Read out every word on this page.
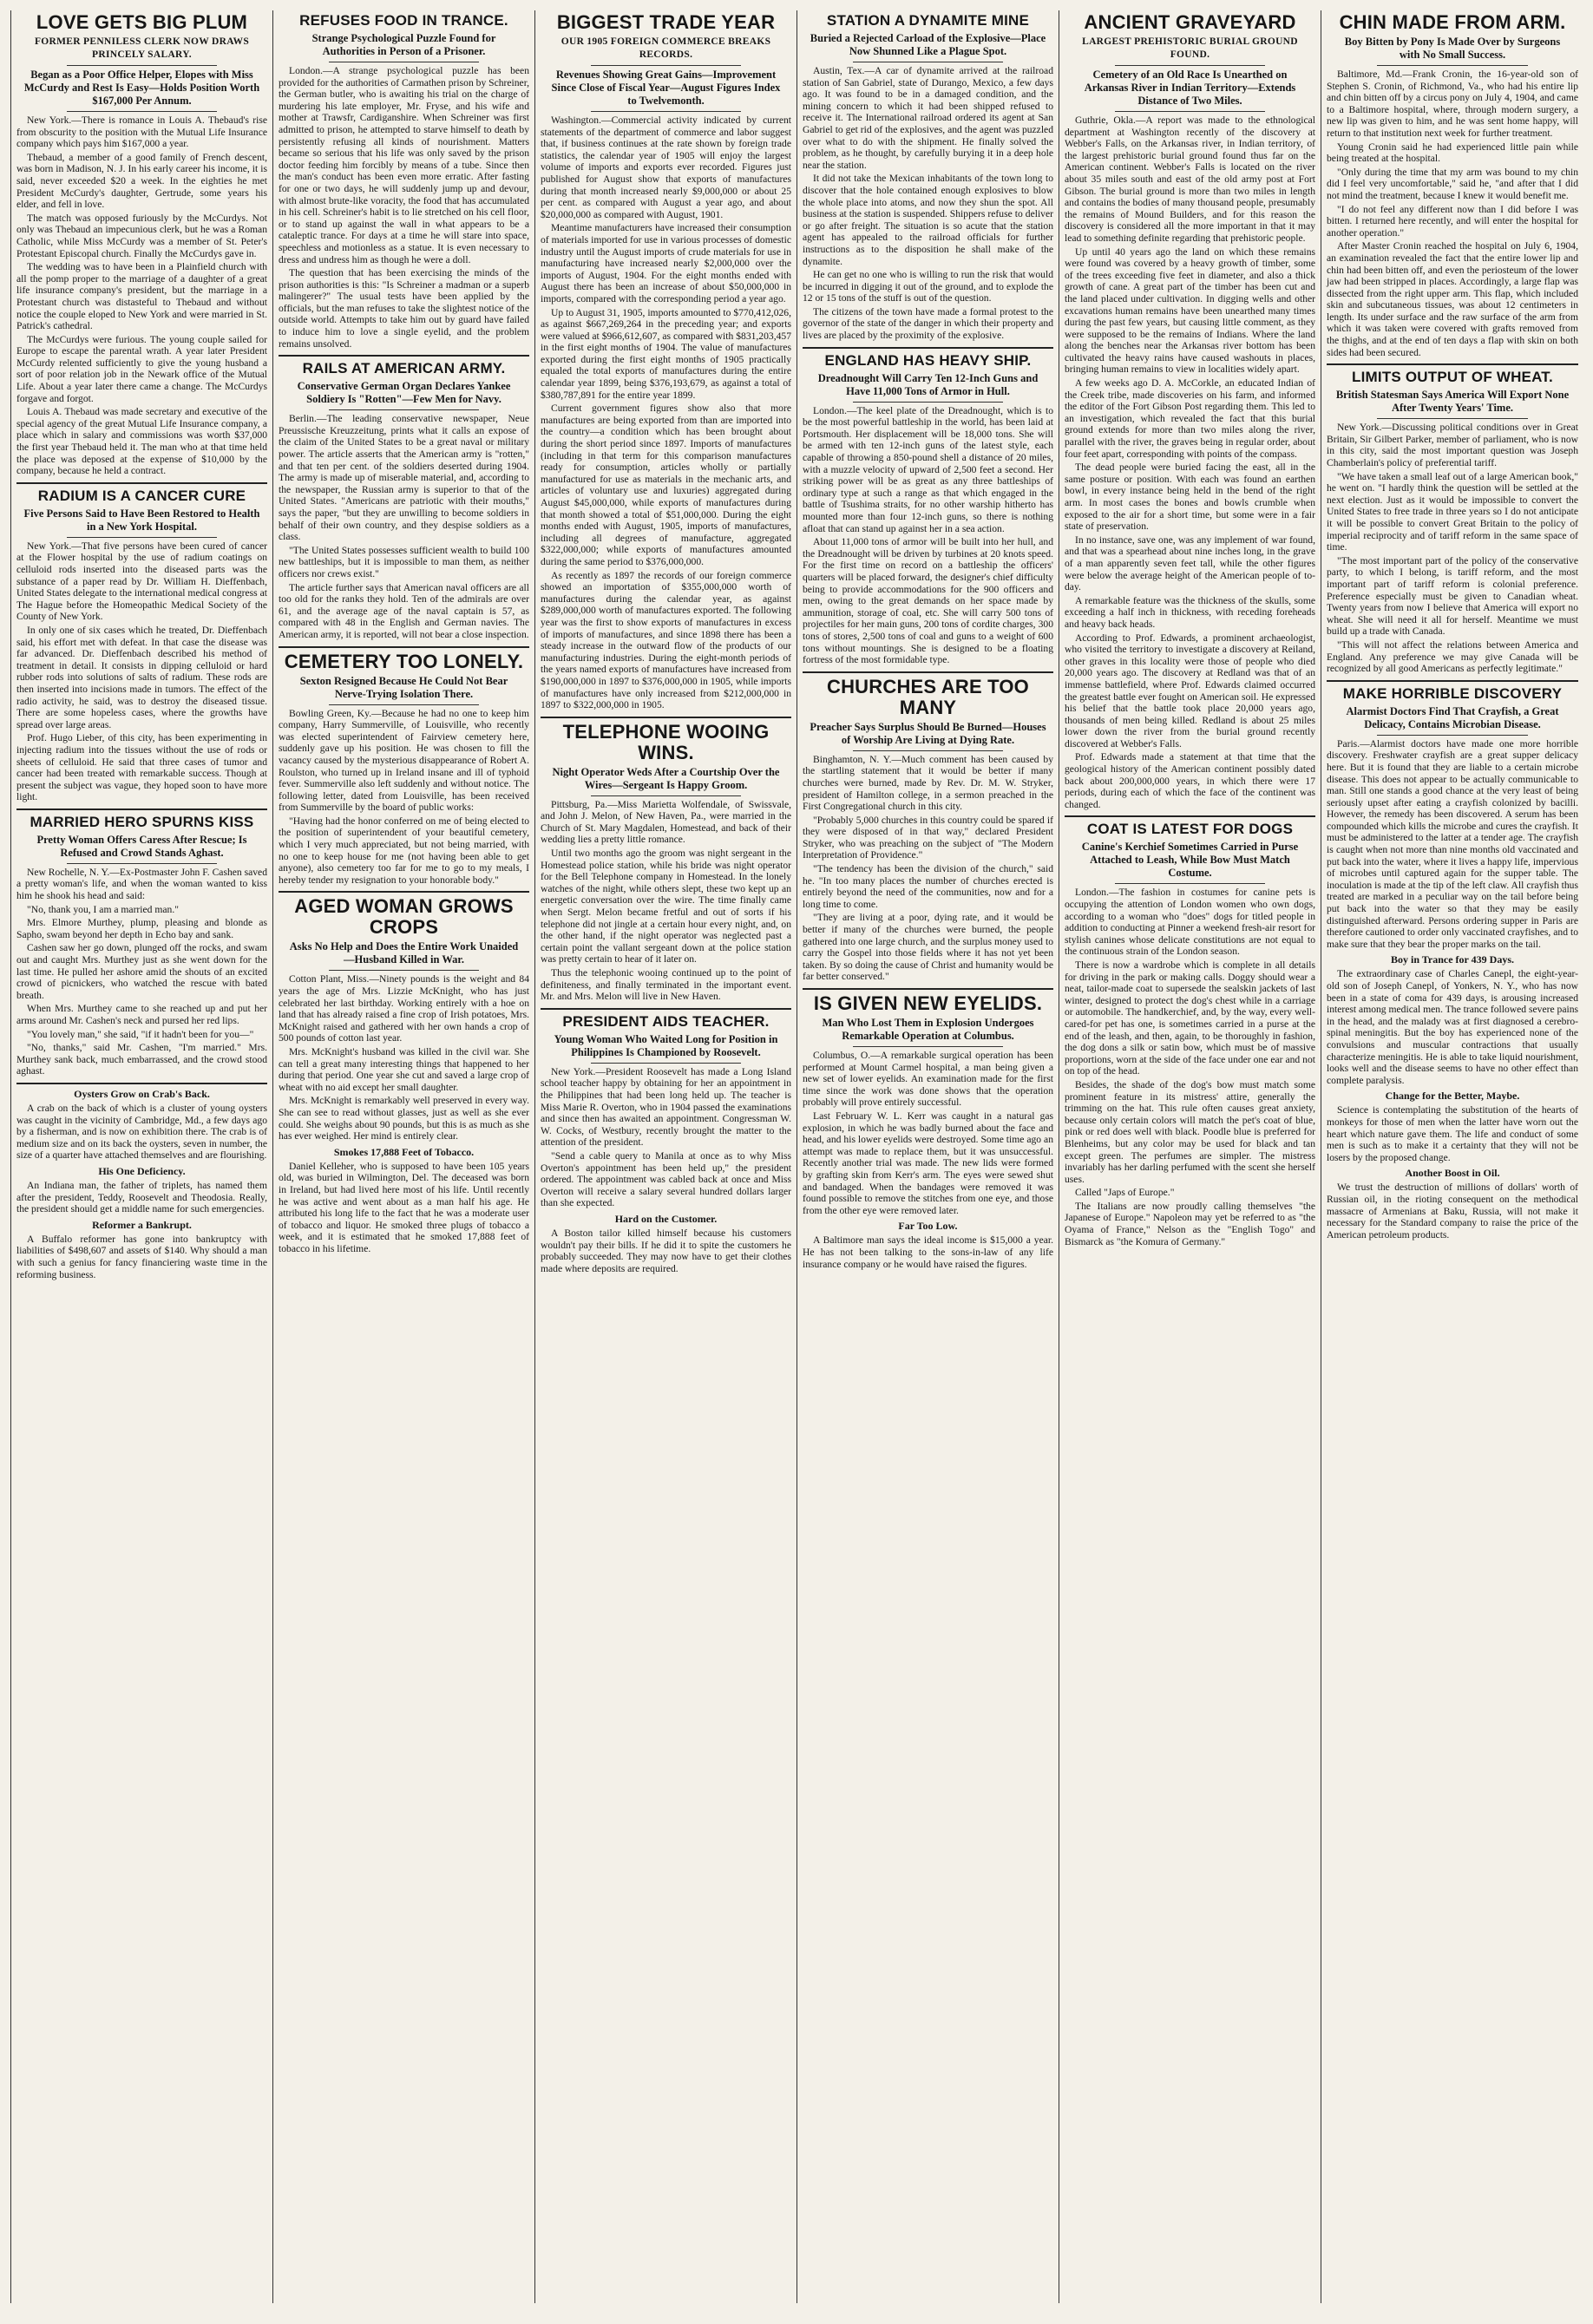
LOVE GETS BIG PLUM
FORMER PENNILESS CLERK NOW DRAWS PRINCELY SALARY.
Began as a Poor Office Helper, Elopes with Miss McCurdy and Rest Is Easy—Holds Position Worth $167,000 Per Annum.

New York.—There is romance in Louis A. Thebaud's rise from obscurity to the position with the Mutual Life Insurance company which pays him $167,000 a year.

Thebaud, a member of a good family of French descent, was born in Madison, N. J. In his early career his income, it is said, never exceeded $20 a week. In the eighties he met President McCurdy's daughter, Gertrude, some years his elder, and fell in love.

The match was opposed furiously by the McCurdys. Not only was Thebaud an impecunious clerk, but he was a Roman Catholic, while Miss McCurdy was a member of St. Peter's Protestant Episcopal church. Finally the McCurdys gave in.

The wedding was to have been in a Plainfield church with all the pomp proper to the marriage of a daughter of a great life insurance company's president, but the marriage in a Protestant church was distasteful to Thebaud and without notice the couple eloped to New York and were married in St. Patrick's cathedral.

The McCurdys were furious. The young couple sailed for Europe to escape the parental wrath. A year later President McCurdy relented sufficiently to give the young husband a sort of poor relation job in the Newark office of the Mutual Life. About a year later there came a change. The McCurdys forgave and forgot.

Louis A. Thebaud was made secretary and executive of the special agency of the great Mutual Life Insurance company, a place which in salary and commissions was worth $37,000 the first year Thebaud held it. The man who at that time held the place was deposed at the expense of $10,000 by the company, because he held a contract.

RADIUM IS A CANCER CURE
Five Persons Said to Have Been Restored to Health in a New York Hospital.

New York.—That five persons have been cured of cancer at the Flower hospital by the use of radium coatings on celluloid rods inserted into the diseased parts was the substance of a paper read by Dr. William H. Dieffenbach, United States delegate to the international medical congress at The Hague before the Homeopathic Medical Society of the County of New York.

In only one of six cases which he treated, Dr. Dieffenbach said, his effort met with defeat. In that case the disease was far advanced. Dr. Dieffenbach described his method of treatment in detail. It consists in dipping celluloid or hard rubber rods into solutions of salts of radium. These rods are then inserted into incisions made in tumors. The effect of the radio activity, he said, was to destroy the diseased tissue. There are some hopeless cases, where the growths have spread over large areas.

Prof. Hugo Lieber, of this city, has been experimenting in injecting radium into the tissues without the use of rods or sheets of celluloid. He said that three cases of tumor and cancer had been treated with remarkable success. Though at present the subject was vague, they hoped soon to have more light.

MARRIED HERO SPURNS KISS
Pretty Woman Offers Caress After Rescue; Is Refused and Crowd Stands Aghast.

New Rochelle, N. Y.—Ex-Postmaster John F. Cashen saved a pretty woman's life, and when the woman wanted to kiss him he shook his head and said:

"No, thank you, I am a married man."

Mrs. Elmore Murthey, plump, pleasing and blonde as Sapho, swam beyond her depth in Echo bay and sank.

Cashen saw her go down, plunged off the rocks, and swam out and caught Mrs. Murthey just as she went down for the last time. He pulled her ashore amid the shouts of an excited crowd of picnickers, who watched the rescue with bated breath.

When Mrs. Murthey came to she reached up and put her arms around Mr. Cashen's neck and pursed her red lips.

"You lovely man," she said, "if it hadn't been for you—"

"No, thanks," said Mr. Cashen, "I'm married." Mrs. Murthey sank back, much embarrassed, and the crowd stood aghast.

Oysters Grow on Crab's Back.

A crab on the back of which is a cluster of young oysters was caught in the vicinity of Cambridge, Md., a few days ago by a fisherman, and is now on exhibition there. The crab is of medium size and on its back the oysters, seven in number, the size of a quarter have attached themselves and are flourishing.

His One Deficiency.

An Indiana man, the father of triplets, has named them after the president, Teddy, Roosevelt and Theodosia. Really, the president should get a middle name for such emergencies.

Reformer a Bankrupt.

A Buffalo reformer has gone into bankruptcy with liabilities of $498,607 and assets of $140. Why should a man with such a genius for fancy financiering waste time in the reforming business.

REFUSES FOOD IN TRANCE.
Strange Psychological Puzzle Found for Authorities in Person of a Prisoner.

London.—A strange psychological puzzle has been provided for the authorities of Carmathen prison by Schreiner, the German butler, who is awaiting his trial on the charge of murdering his late employer, Mr. Fryse, and his wife and mother at Trawsfr, Cardiganshire. When Schreiner was first admitted to prison, he attempted to starve himself to death by persistently refusing all kinds of nourishment. Matters became so serious that his life was only saved by the prison doctor feeding him forcibly by means of a tube. Since then the man's conduct has been even more erratic. After fasting for one or two days, he will suddenly jump up and devour, with almost brute-like voracity, the food that has accumulated in his cell. Schreiner's habit is to lie stretched on his cell floor, or to stand up against the wall in what appears to be a cataleptic trance. For days at a time he will stare into space, speechless and motionless as a statue. It is even necessary to dress and undress him as though he were a doll.

The question that has been exercising the minds of the prison authorities is this: "Is Schreiner a madman or a superb malingerer?" The usual tests have been applied by the officials, but the man refuses to take the slightest notice of the outside world. Attempts to take him out by guard have failed to induce him to love a single eyelid, and the problem remains unsolved.

RAILS AT AMERICAN ARMY.
Conservative German Organ Declares Yankee Soldiery Is "Rotten"—Few Men for Navy.

Berlin.—The leading conservative newspaper, Neue Preussische Kreuzzeitung, prints what it calls an expose of the claim of the United States to be a great naval or military power. The article asserts that the American army is "rotten," and that ten per cent. of the soldiers deserted during 1904. The army is made up of miserable material, and, according to the newspaper, the Russian army is superior to that of the United States. "Americans are patriotic with their mouths," says the paper, "but they are unwilling to become soldiers in behalf of their own country, and they despise soldiers as a class.

"The United States possesses sufficient wealth to build 100 new battleships, but it is impossible to man them, as neither officers nor crews exist."

The article further says that American naval officers are all too old for the ranks they hold. Ten of the admirals are over 61, and the average age of the naval captain is 57, as compared with 48 in the English and German navies. The American army, it is reported, will not bear a close inspection.

CEMETERY TOO LONELY.
Sexton Resigned Because He Could Not Bear Nerve-Trying Isolation There.

Bowling Green, Ky.—Because he had no one to keep him company, Harry Summerville, of Louisville, who recently was elected superintendent of Fairview cemetery here, suddenly gave up his position. He was chosen to fill the vacancy caused by the mysterious disappearance of Robert A. Roulston, who turned up in Ireland insane and ill of typhoid fever. Summerville also left suddenly and without notice. The following letter, dated from Louisville, has been received from Summerville by the board of public works:

"Having had the honor conferred on me of being elected to the position of superintendent of your beautiful cemetery, which I very much appreciated, but not being married, with no one to keep house for me (not having been able to get anyone), also cemetery too far for me to go to my meals, I hereby tender my resignation to your honorable body."

AGED WOMAN GROWS CROPS
Asks No Help and Does the Entire Work Unaided—Husband Killed in War.

Cotton Plant, Miss.—Ninety pounds is the weight and 84 years the age of Mrs. Lizzie McKnight, who has just celebrated her last birthday. Working entirely with a hoe on land that has already raised a fine crop of Irish potatoes, Mrs. McKnight raised and gathered with her own hands a crop of 500 pounds of cotton last year.

Mrs. McKnight's husband was killed in the civil war. She can tell a great many interesting things that happened to her during that period. One year she cut and saved a large crop of wheat with no aid except her small daughter.

Mrs. McKnight is remarkably well preserved in every way. She can see to read without glasses, just as well as she ever could. She weighs about 90 pounds, but this is as much as she has ever weighed. Her mind is entirely clear.

Smokes 17,888 Feet of Tobacco.

Daniel Kelleher, who is supposed to have been 105 years old, was buried in Wilmington, Del. The deceased was born in Ireland, but had lived here most of his life. Until recently he was active and went about as a man half his age. He attributed his long life to the fact that he was a moderate user of tobacco and liquor. He smoked three plugs of tobacco a week, and it is estimated that he smoked 17,888 feet of tobacco in his lifetime.

BIGGEST TRADE YEAR
OUR 1905 FOREIGN COMMERCE BREAKS RECORDS.
Revenues Showing Great Gains—Improvement Since Close of Fiscal Year—August Figures Index to Twelvemonth.

Washington.—Commercial activity indicated by current statements of the department of commerce and labor suggest that, if business continues at the rate shown by foreign trade statistics, the calendar year of 1905 will enjoy the largest volume of imports and exports ever recorded. Figures just published for August show that exports of manufactures during that month increased nearly $9,000,000 or about 25 per cent. as compared with August a year ago, and about $20,000,000 as compared with August, 1901.

Meantime manufacturers have increased their consumption of materials imported for use in various processes of domestic industry until the August imports of crude materials for use in manufacturing have increased nearly $2,000,000 over the imports of August, 1904. For the eight months ended with August there has been an increase of about $50,000,000 in imports, compared with the corresponding period a year ago.

Up to August 31, 1905, imports amounted to $770,412,026, as against $667,269,264 in the preceding year; and exports were valued at $966,612,607, as compared with $831,203,457 in the first eight months of 1904. The value of manufactures exported during the first eight months of 1905 practically equaled the total exports of manufactures during the entire calendar year 1899, being $376,193,679, as against a total of $380,787,891 for the entire year 1899.

Current government figures show also that more manufactures are being exported from than are imported into the country—a condition which has been brought about during the short period since 1897. Imports of manufactures (including in that term for this comparison manufactures ready for consumption, articles wholly or partially manufactured for use as materials in the mechanic arts, and articles of voluntary use and luxuries) aggregated during August $45,000,000, while exports of manufactures during that month showed a total of $51,000,000. During the eight months ended with August, 1905, imports of manufactures, including all degrees of manufacture, aggregated $322,000,000; while exports of manufactures amounted during the same period to $376,000,000.

As recently as 1897 the records of our foreign commerce showed an importation of $355,000,000 worth of manufactures during the calendar year, as against $289,000,000 worth of manufactures exported. The following year was the first to show exports of manufactures in excess of imports of manufactures, and since 1898 there has been a steady increase in the outward flow of the products of our manufacturing industries. During the eight-month periods of the years named exports of manufactures have increased from $190,000,000 in 1897 to $376,000,000 in 1905, while imports of manufactures have only increased from $212,000,000 in 1897 to $322,000,000 in 1905.

TELEPHONE WOOING WINS.
Night Operator Weds After a Courtship Over the Wires—Sergeant Is Happy Groom.

Pittsburg, Pa.—Miss Marietta Wolfendale, of Swissvale, and John J. Melon, of New Haven, Pa., were married in the Church of St. Mary Magdalen, Homestead, and back of their wedding lies a pretty little romance.

Until two months ago the groom was night sergeant in the Homestead police station, while his bride was night operator for the Bell Telephone company in Homestead. In the lonely watches of the night, while others slept, these two kept up an energetic conversation over the wire. The time finally came when Sergt. Melon became fretful and out of sorts if his telephone did not jingle at a certain hour every night, and, on the other hand, if the night operator was neglected past a certain point the vallant sergeant down at the police station was pretty certain to hear of it later on.

Thus the telephonic wooing continued up to the point of definiteness, and finally terminated in the important event. Mr. and Mrs. Melon will live in New Haven.

PRESIDENT AIDS TEACHER.
Young Woman Who Waited Long for Position in Philippines Is Championed by Roosevelt.

New York.—President Roosevelt has made a Long Island school teacher happy by obtaining for her an appointment in the Philippines that had been long held up. The teacher is Miss Marie R. Overton, who in 1904 passed the examinations and since then has awaited an appointment. Congressman W. W. Cocks, of Westbury, recently brought the matter to the attention of the president.

"Send a cable query to Manila at once as to why Miss Overton's appointment has been held up," the president ordered. The appointment was cabled back at once and Miss Overton will receive a salary several hundred dollars larger than she expected.

Hard on the Customer.

A Boston tailor killed himself because his customers wouldn't pay their bills. If he did it to spite the customers he probably succeeded. They may now have to get their clothes made where deposits are required.

STATION A DYNAMITE MINE
Buried a Rejected Carload of the Explosive—Place Now Shunned Like a Plague Spot.

Austin, Tex.—A car of dynamite arrived at the railroad station of San Gabriel, state of Durango, Mexico, a few days ago. It was found to be in a damaged condition, and the mining concern to which it had been shipped refused to receive it. The International railroad ordered its agent at San Gabriel to get rid of the explosives, and the agent was puzzled over what to do with the shipment. He finally solved the problem, as he thought, by carefully burying it in a deep hole near the station.

It did not take the Mexican inhabitants of the town long to discover that the hole contained enough explosives to blow the whole place into atoms, and now they shun the spot. All business at the station is suspended. Shippers refuse to deliver or go after freight. The situation is so acute that the station agent has appealed to the railroad officials for further instructions as to the disposition he shall make of the dynamite.

He can get no one who is willing to run the risk that would be incurred in digging it out of the ground, and to explode the 12 or 15 tons of the stuff is out of the question.

The citizens of the town have made a formal protest to the governor of the state of the danger in which their property and lives are placed by the proximity of the explosive.

ENGLAND HAS HEAVY SHIP.
Dreadnought Will Carry Ten 12-Inch Guns and Have 11,000 Tons of Armor in Hull.

London.—The keel plate of the Dreadnought, which is to be the most powerful battleship in the world, has been laid at Portsmouth. Her displacement will be 18,000 tons. She will be armed with ten 12-inch guns of the latest style, each capable of throwing a 850-pound shell a distance of 20 miles, with a muzzle velocity of upward of 2,500 feet a second. Her striking power will be as great as any three battleships of ordinary type at such a range as that which engaged in the battle of Tsushima straits, for no other warship hitherto has mounted more than four 12-inch guns, so there is nothing afloat that can stand up against her in a sea action.

About 11,000 tons of armor will be built into her hull, and the Dreadnought will be driven by turbines at 20 knots speed. For the first time on record on a battleship the officers' quarters will be placed forward, the designer's chief difficulty being to provide accommodations for the 900 officers and men, owing to the great demands on her space made by ammunition, storage of coal, etc. She will carry 500 tons of projectiles for her main guns, 200 tons of cordite charges, 300 tons of stores, 2,500 tons of coal and guns to a weight of 600 tons without mountings. She is designed to be a floating fortress of the most formidable type.

CHURCHES ARE TOO MANY
Preacher Says Surplus Should Be Burned—Houses of Worship Are Living at Dying Rate.

Binghamton, N. Y.—Much comment has been caused by the startling statement that it would be better if many churches were burned, made by Rev. Dr. M. W. Stryker, president of Hamilton college, in a sermon preached in the First Congregational church in this city.

"Probably 5,000 churches in this country could be spared if they were disposed of in that way," declared President Stryker, who was preaching on the subject of "The Modern Interpretation of Providence."

"The tendency has been the division of the church," said he. "In too many places the number of churches erected is entirely beyond the need of the communities, now and for a long time to come.

"They are living at a poor, dying rate, and it would be better if many of the churches were burned, the people gathered into one large church, and the surplus money used to carry the Gospel into those fields where it has not yet been taken. By so doing the cause of Christ and humanity would be far better conserved."

IS GIVEN NEW EYELIDS.
Man Who Lost Them in Explosion Undergoes Remarkable Operation at Columbus.

Columbus, O.—A remarkable surgical operation has been performed at Mount Carmel hospital, a man being given a new set of lower eyelids. An examination made for the first time since the work was done shows that the operation probably will prove entirely successful.

Last February W. L. Kerr was caught in a natural gas explosion, in which he was badly burned about the face and head, and his lower eyelids were destroyed. Some time ago an attempt was made to replace them, but it was unsuccessful. Recently another trial was made. The new lids were formed by grafting skin from Kerr's arm. The eyes were sewed shut and bandaged. When the bandages were removed it was found possible to remove the stitches from one eye, and those from the other eye were removed later.

Far Too Low.

A Baltimore man says the ideal income is $15,000 a year. He has not been talking to the sons-in-law of any life insurance company or he would have raised the figures.

ANCIENT GRAVEYARD
LARGEST PREHISTORIC BURIAL GROUND FOUND.
Cemetery of an Old Race Is Unearthed on Arkansas River in Indian Territory—Extends Distance of Two Miles.

Guthrie, Okla.—A report was made to the ethnological department at Washington recently of the discovery at Webber's Falls, on the Arkansas river, in Indian territory, of the largest prehistoric burial ground found thus far on the American continent. Webber's Falls is located on the river about 35 miles south and east of the old army post at Fort Gibson. The burial ground is more than two miles in length and contains the bodies of many thousand people, presumably the remains of Mound Builders, and for this reason the discovery is considered all the more important in that it may lead to something definite regarding that prehistoric people.

Up until 40 years ago the land on which these remains were found was covered by a heavy growth of timber, some of the trees exceeding five feet in diameter, and also a thick growth of cane. A great part of the timber has been cut and the land placed under cultivation. In digging wells and other excavations human remains have been unearthed many times during the past few years, but causing little comment, as they were supposed to be the remains of Indians. Where the land along the benches near the Arkansas river bottom has been cultivated the heavy rains have caused washouts in places, bringing human remains to view in localities widely apart.

A few weeks ago D. A. McCorkle, an educated Indian of the Creek tribe, made discoveries on his farm, and informed the editor of the Fort Gibson Post regarding them. This led to an investigation, which revealed the fact that this burial ground extends for more than two miles along the river, parallel with the river, the graves being in regular order, about four feet apart, corresponding with points of the compass.

The dead people were buried facing the east, all in the same posture or position. With each was found an earthen bowl, in every instance being held in the bend of the right arm. In most cases the bones and bowls crumble when exposed to the air for a short time, but some were in a fair state of preservation.

In no instance, save one, was any implement of war found, and that was a spearhead about nine inches long, in the grave of a man apparently seven feet tall, while the other figures were below the average height of the American people of to-day.

A remarkable feature was the thickness of the skulls, some exceeding a half inch in thickness, with receding foreheads and heavy back heads.

According to Prof. Edwards, a prominent archaeologist, who visited the territory to investigate a discovery at Reiland, other graves in this locality were those of people who died 20,000 years ago. The discovery at Redland was that of an immense battlefield, where Prof. Edwards claimed occurred the greatest battle ever fought on American soil. He expressed his belief that the battle took place 20,000 years ago, thousands of men being killed. Redland is about 25 miles lower down the river from the burial ground recently discovered at Webber's Falls.

Prof. Edwards made a statement at that time that the geological history of the American continent possibly dated back about 200,000,000 years, in which there were 17 periods, during each of which the face of the continent was changed.

COAT IS LATEST FOR DOGS
Canine's Kerchief Sometimes Carried in Purse Attached to Leash, While Bow Must Match Costume.

London.—The fashion in costumes for canine pets is occupying the attention of London women who own dogs, according to a woman who "does" dogs for titled people in addition to conducting at Pinner a weekend fresh-air resort for stylish canines whose delicate constitutions are not equal to the continuous strain of the London season.

There is now a wardrobe which is complete in all details for driving in the park or making calls. Doggy should wear a neat, tailor-made coat to supersede the sealskin jackets of last winter, designed to protect the dog's chest while in a carriage or automobile. The handkerchief, and, by the way, every well-cared-for pet has one, is sometimes carried in a purse at the end of the leash, and then, again, to be thoroughly in fashion, the dog dons a silk or satin bow, which must be of massive proportions, worn at the side of the face under one ear and not on top of the head.

Besides, the shade of the dog's bow must match some prominent feature in its mistress' attire, generally the trimming on the hat. This rule often causes great anxiety, because only certain colors will match the pet's coat of blue, pink or red does well with black. Poodle blue is preferred for Blenheims, but any color may be used for black and tan except green. The perfumes are simpler. The mistress invariably has her darling perfumed with the scent she herself uses.

Called "Japs of Europe."

The Italians are now proudly calling themselves "the Japanese of Europe." Napoleon may yet be referred to as "the Oyama of France," Nelson as the "English Togo" and Bismarck as "the Komura of Germany."

CHIN MADE FROM ARM.
Boy Bitten by Pony Is Made Over by Surgeons with No Small Success.

Baltimore, Md.—Frank Cronin, the 16-year-old son of Stephen S. Cronin, of Richmond, Va., who had his entire lip and chin bitten off by a circus pony on July 4, 1904, and came to a Baltimore hospital, where, through modern surgery, a new lip was given to him, and he was sent home happy, will return to that institution next week for further treatment.

Young Cronin said he had experienced little pain while being treated at the hospital.

"Only during the time that my arm was bound to my chin did I feel very uncomfortable," said he, "and after that I did not mind the treatment, because I knew it would benefit me.

"I do not feel any different now than I did before I was bitten. I returned here recently, and will enter the hospital for another operation."

After Master Cronin reached the hospital on July 6, 1904, an examination revealed the fact that the entire lower lip and chin had been bitten off, and even the periosteum of the lower jaw had been stripped in places. Accordingly, a large flap was dissected from the right upper arm. This flap, which included skin and subcutaneous tissues, was about 12 centimeters in length. Its under surface and the raw surface of the arm from which it was taken were covered with grafts removed from the thighs, and at the end of ten days a flap with skin on both sides had been secured.

LIMITS OUTPUT OF WHEAT.
British Statesman Says America Will Export None After Twenty Years' Time.

New York.—Discussing political conditions over in Great Britain, Sir Gilbert Parker, member of parliament, who is now in this city, said the most important question was Joseph Chamberlain's policy of preferential tariff.

"We have taken a small leaf out of a large American book," he went on. "I hardly think the question will be settled at the next election. Just as it would be impossible to convert the United States to free trade in three years so I do not anticipate it will be possible to convert Great Britain to the policy of imperial reciprocity and of tariff reform in the same space of time.

"The most important part of the policy of the conservative party, to which I belong, is tariff reform, and the most important part of tariff reform is colonial preference. Preference especially must be given to Canadian wheat. Twenty years from now I believe that America will export no wheat. She will need it all for herself. Meantime we must build up a trade with Canada.

"This will not affect the relations between America and England. Any preference we may give Canada will be recognized by all good Americans as perfectly legitimate."

MAKE HORRIBLE DISCOVERY
Alarmist Doctors Find That Crayfish, a Great Delicacy, Contains Microbian Disease.

Paris.—Alarmist doctors have made one more horrible discovery. Freshwater crayfish are a great supper delicacy here. But it is found that they are liable to a certain microbe disease. This does not appear to be actually communicable to man. Still one stands a good chance at the very least of being seriously upset after eating a crayfish colonized by bacilli. However, the remedy has been discovered. A serum has been compounded which kills the microbe and cures the crayfish. It must be administered to the latter at a tender age. The crayfish is caught when not more than nine months old vaccinated and put back into the water, where it lives a happy life, impervious of microbes until captured again for the supper table. The inoculation is made at the tip of the left claw. All crayfish thus treated are marked in a peculiar way on the tail before being put back into the water so that they may be easily distinguished afterward. Persons ordering supper in Paris are therefore cautioned to order only vaccinated crayfishes, and to make sure that they bear the proper marks on the tail.

Boy in Trance for 439 Days.

The extraordinary case of Charles Canepl, the eight-year-old son of Joseph Canepl, of Yonkers, N. Y., who has now been in a state of coma for 439 days, is arousing increased interest among medical men. The trance followed severe pains in the head, and the malady was at first diagnosed a cerebro-spinal meningitis. But the boy has experienced none of the convulsions and muscular contractions that usually characterize meningitis. He is able to take liquid nourishment, looks well and the disease seems to have no other effect than complete paralysis.

Change for the Better, Maybe.

Science is contemplating the substitution of the hearts of monkeys for those of men when the latter have worn out the heart which nature gave them. The life and conduct of some men is such as to make it a certainty that they will not be losers by the proposed change.

Another Boost in Oil.

We trust the destruction of millions of dollars' worth of Russian oil, in the rioting consequent on the methodical massacre of Armenians at Baku, Russia, will not make it necessary for the Standard company to raise the price of the American petroleum products.
